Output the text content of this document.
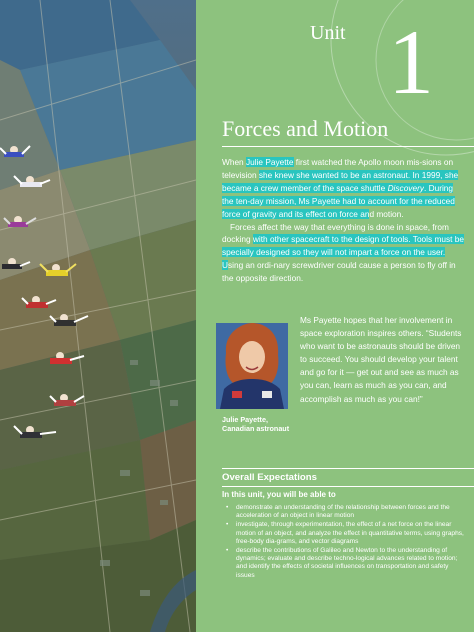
Unit 1
Forces and Motion

When Julie Payette first watched the Apollo moon mis-sions on television she knew she wanted to be an astronaut. In 1999, she became a crew member of the space shuttle Discovery. During the ten-day mission, Ms Payette had to account for the reduced force of gravity and its effect on force and motion.

Forces affect the way that everything is done in space, from docking with other spacecraft to the design of tools. Tools must be specially designed so they will not impart a force on the user. Using an ordi-nary screwdriver could cause a person to fly off in the opposite direction.

Julie Payette, Canadian astronaut

Ms Payette hopes that her involvement in space exploration inspires others. “Students who want to be astronauts should be driven to succeed. You should develop your talent and go for it — get out and see as much as you can, learn as much as you can, and accomplish as much as you can!”

Overall Expectations

In this unit, you will be able to

• demonstrate an understanding of the relationship between forces and the acceleration of an object in linear motion
• investigate, through experimentation, the effect of a net force on the linear motion of an object, and analyze the effect in quantitative terms, using graphs, free-body dia-grams, and vector diagrams
• describe the contributions of Galileo and Newton to the understanding of dynamics; evaluate and describe techno-logical advances related to motion; and identify the effects of societal influences on transportation and safety issues
